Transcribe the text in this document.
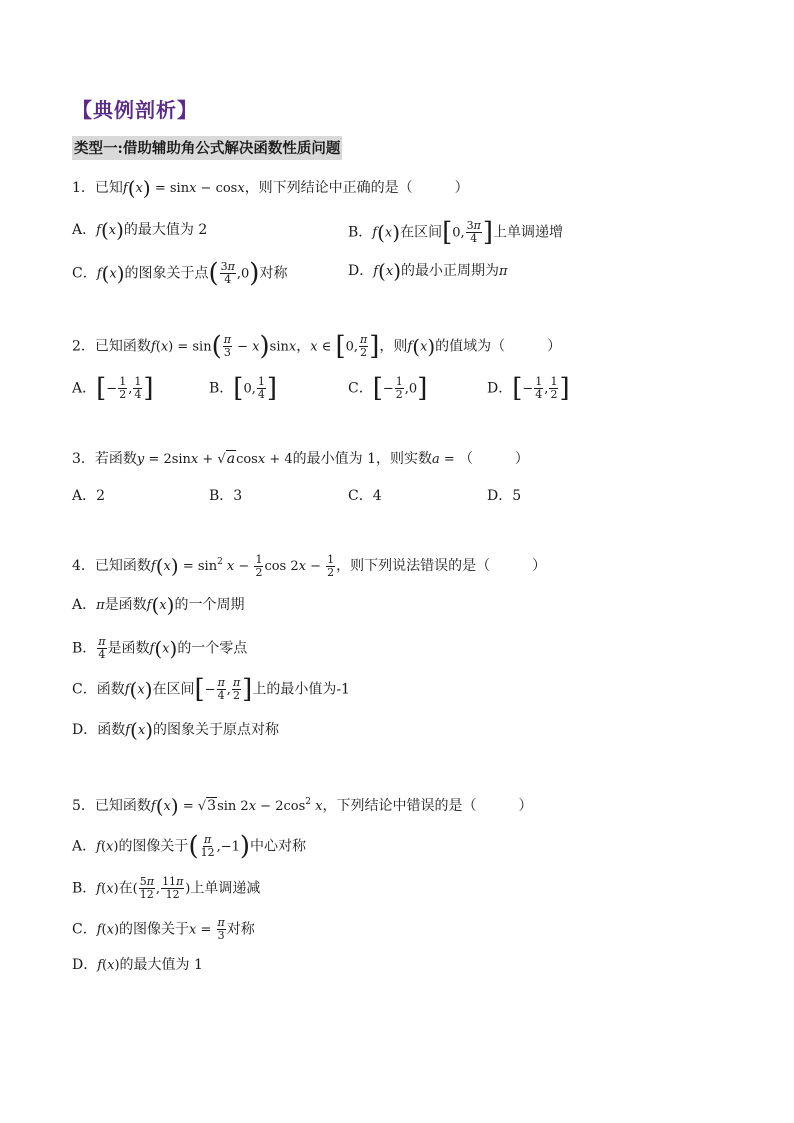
【典例剖析】
类型一:借助辅助角公式解决函数性质问题
1．已知f(x) = sinx − cosx，则下列结论中正确的是（　　　）
A．f(x)的最大值为 2	B．f(x)在区间[0, $\frac{3\pi}{4}$ ]上单调递增
C．f(x)的图象关于点( $\frac{3\pi}{4} ,0$)对称	D．f(x)的最小正周期为π
2．已知函数$f(x) = \sin( \frac{\pi}{3} - x)\sin x$，x ∈ [0, $\frac{\pi}{2}$ ]，则f(x)的值域为（　　　）
A．[− $\frac{1}{2}$ , $\frac{1}{4}$ ]	B．[0, $\frac{1}{4}$ ]	C．[− $\frac{1}{2} ,0$]	D．[− $\frac{1}{4}$ , $\frac{1}{2}$ ]
3．若函数y = 2sinx + √acosx + 4的最小值为 1，则实数a = （　　　）
A．2	B．3	C．4	D．5
4．已知函数$f(x) = \sin^2 x - \frac{1}{2}$ $\cos 2x - \frac{1}{2}$ ，则下列说法错误的是（　　　）
A．π是函数f(x)的一个周期
B． $\frac{\pi}{4}$ 是函数f(x)的一个零点
C．函数f(x)在区间[− $\frac{\pi}{4}$ , $\frac{\pi}{2}$ ]上的最小值为-1
D．函数f(x)的图象关于原点对称
5．已知函数f(x) = √3sin $2x - 2\cos^2$ x，下列结论中错误的是（　　　）
A．f(x)的图像关于( $\frac{\pi}{12} ,-1$)中心对称
B．f(x)在( $\frac{5\pi}{12}$ , $\frac{11\pi}{12}$ )上单调递减
C．f(x)的图像关于$x = \frac{\pi}{3}$ 对称
D．f(x)的最大值为 1
